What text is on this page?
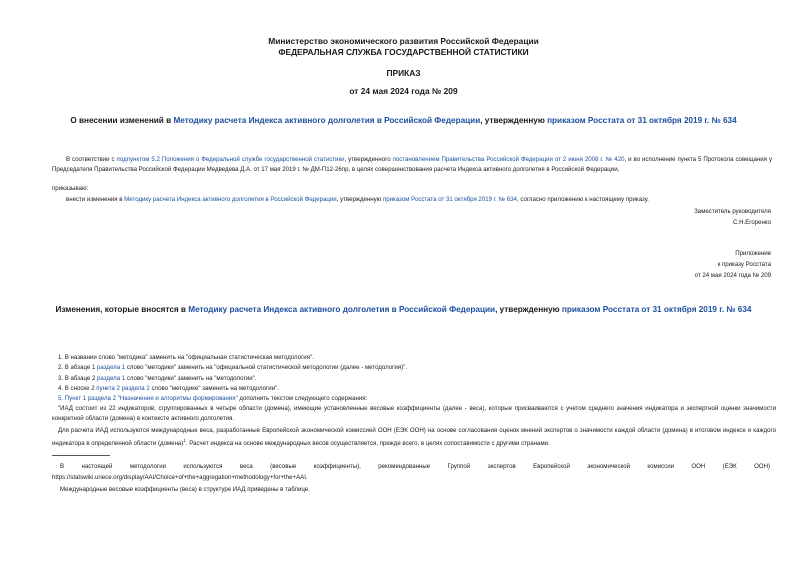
Министерство экономического развития Российской Федерации
ФЕДЕРАЛЬНАЯ СЛУЖБА ГОСУДАРСТВЕННОЙ СТАТИСТИКИ
ПРИКАЗ
от 24 мая 2024 года № 209
О внесении изменений в Методику расчета Индекса активного долголетия в Российской Федерации, утвержденную приказом Росстата от 31 октября 2019 г. № 634
В соответствии с подпунктом 5.2 Положения о Федеральной службе государственной статистики, утвержденного постановлением Правительства Российской Федерации от 2 июня 2008 г. № 420, и во исполнение пункта 5 Протокола совещания у Председателя Правительства Российской Федерации Медведева Д.А. от 17 мая 2019 г. № ДМ-П12-26пр, в целях совершенствования расчета Индекса активного долголетия в Российской Федерации,
приказываю:
внести изменения в Методику расчета Индекса активного долголетия в Российской Федерации, утвержденную приказом Росстата от 31 октября 2019 г. № 634, согласно приложению к настоящему приказу.
Заместитель руководителя
С.Н.Егоренко
Приложение
к приказу Росстата
от 24 мая 2024 года № 209
Изменения, которые вносятся в Методику расчета Индекса активного долголетия в Российской Федерации, утвержденную приказом Росстата от 31 октября 2019 г. № 634
1. В названии слово "методика" заменить на "официальная статистическая методология".
2. В абзаце 1 раздела 1 слово "методики" заменить на "официальной статистической методологии (далее - методология)".
3. В абзаце 2 раздела 1 слово "методики" заменить на "методологии".
4. В сноске 2 пункта 2 раздела 2 слово "методике" заменить на методологии".
5. Пункт 1 раздела 2 "Назначение и алгоритмы формирования" дополнить текстом следующего содержания:
"ИАД состоит из 22 индикаторов, сгруппированных в четыре области (домена), имеющие установленные весовые коэффициенты (далее - веса), которые присваиваются с учетом среднего значения индикатора и экспертной оценки значимости конкретной области (домена) в контексте активного долголетия.
Для расчета ИАД используются международные веса, разработанные Европейской экономической комиссией ООН (ЕЭК ООН) на основе согласования оценок мнений экспертов о значимости каждой области (домена) в итоговом индексе и каждого индикатора в определенной области (домена)$^1$. Расчет индекса на основе международных весов осуществляется, прежде всего, в целях сопоставимости с другими странами.
В настоящей методологии используются веса (весовые коэффициенты), рекомендованные Группой экспертов Европейской экономической комиссии ООН (ЕЭК ООН)
https://statswiki.unece.org/display/AAI/Choice+of+the+aggregation+methodology+for+the+AAI.
Международные весовые коэффициенты (веса) в структуре ИАД приведены в таблице.
